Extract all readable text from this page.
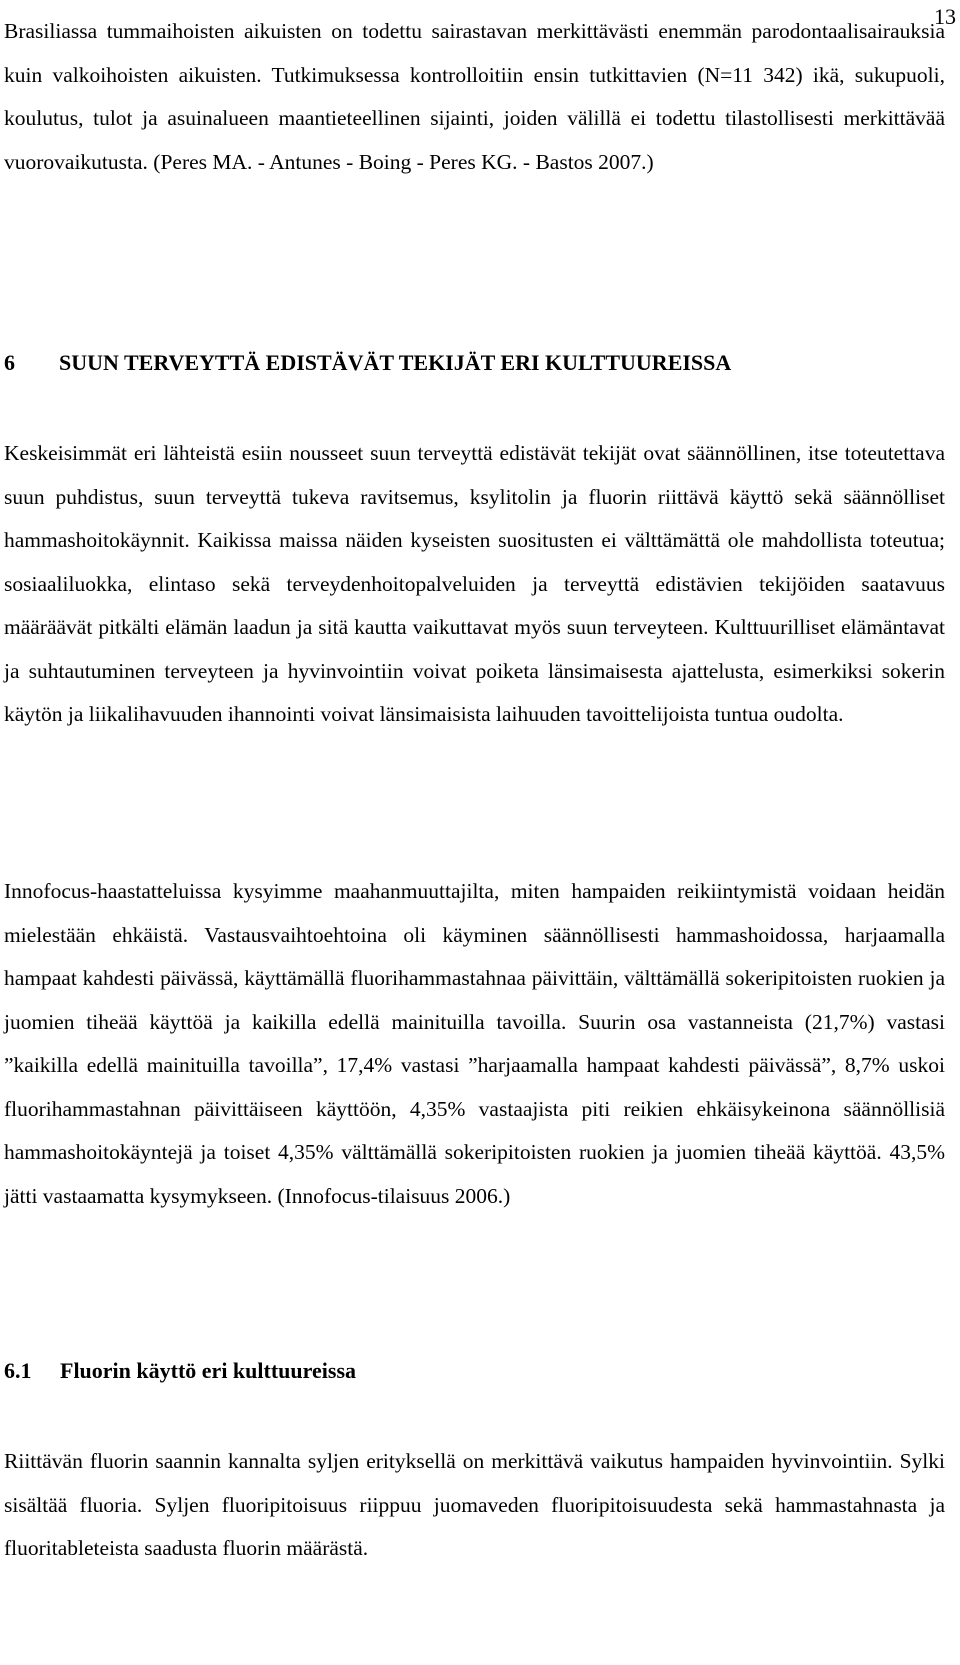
13

Brasiliassa tummaihoisten aikuisten on todettu sairastavan merkittävästi enemmän parodontaalisairauksia kuin valkoihoisten aikuisten. Tutkimuksessa kontrolloitiin ensin tutkittavien (N=11 342) ikä, sukupuoli, koulutus, tulot ja asuinalueen maantieteellinen sijainti, joiden välillä ei todettu tilastollisesti merkittävää vuorovaikutusta. (Peres MA. - Antunes - Boing - Peres KG. - Bastos 2007.)

6 SUUN TERVEYTTÄ EDISTÄVÄT TEKIJÄT ERI KULTTUUREISSA

Keskeisimmät eri lähteistä esiin nousseet suun terveyttä edistävät tekijät ovat säännöllinen, itse toteutettava suun puhdistus, suun terveyttä tukeva ravitsemus, ksylitolin ja fluorin riittävä käyttö sekä säännölliset hammashoitokäynnit. Kaikissa maissa näiden kyseisten suositusten ei välttämättä ole mahdollista toteutua; sosiaaliluokka, elintaso sekä terveydenhoitopalveluiden ja terveyttä edistävien tekijöiden saatavuus määräävät pitkälti elämän laadun ja sitä kautta vaikuttavat myös suun terveyteen. Kulttuurilliset elämäntavat ja suhtautuminen terveyteen ja hyvinvointiin voivat poiketa länsimaisesta ajattelusta, esimerkiksi sokerin käytön ja liikalihavuuden ihannointi voivat länsimaisista laihuuden tavoittelijoista tuntua oudolta.

Innofocus-haastatteluissa kysyimme maahanmuuttajilta, miten hampaiden reikiintymistä voidaan heidän mielestään ehkäistä. Vastausvaihtoehtoina oli käyminen säännöllisesti hammashoidossa, harjaamalla hampaat kahdesti päivässä, käyttämällä fluorihammastahnaa päivittäin, välttämällä sokeripitoisten ruokien ja juomien tiheää käyttöä ja kaikilla edellä mainituilla tavoilla. Suurin osa vastanneista (21,7%) vastasi ”kaikilla edellä mainituilla tavoilla”, 17,4% vastasi ”harjaamalla hampaat kahdesti päivässä”, 8,7% uskoi fluorihammastahnan päivittäiseen käyttöön, 4,35% vastaajista piti reikien ehkäisykeinona säännöllisiä hammashoitokäyntejä ja toiset 4,35% välttämällä sokeripitoisten ruokien ja juomien tiheää käyttöä. 43,5% jätti vastaamatta kysymykseen. (Innofocus-tilaisuus 2006.)

6.1 Fluorin käyttö eri kulttuureissa

Riittävän fluorin saannin kannalta syljen erityksellä on merkittävä vaikutus hampaiden hyvinvointiin. Sylki sisältää fluoria. Syljen fluoripitoisuus riippuu juomaveden fluoripitoisuudesta sekä hammastahnasta ja fluoritableteista saadusta fluorin määrästä.
